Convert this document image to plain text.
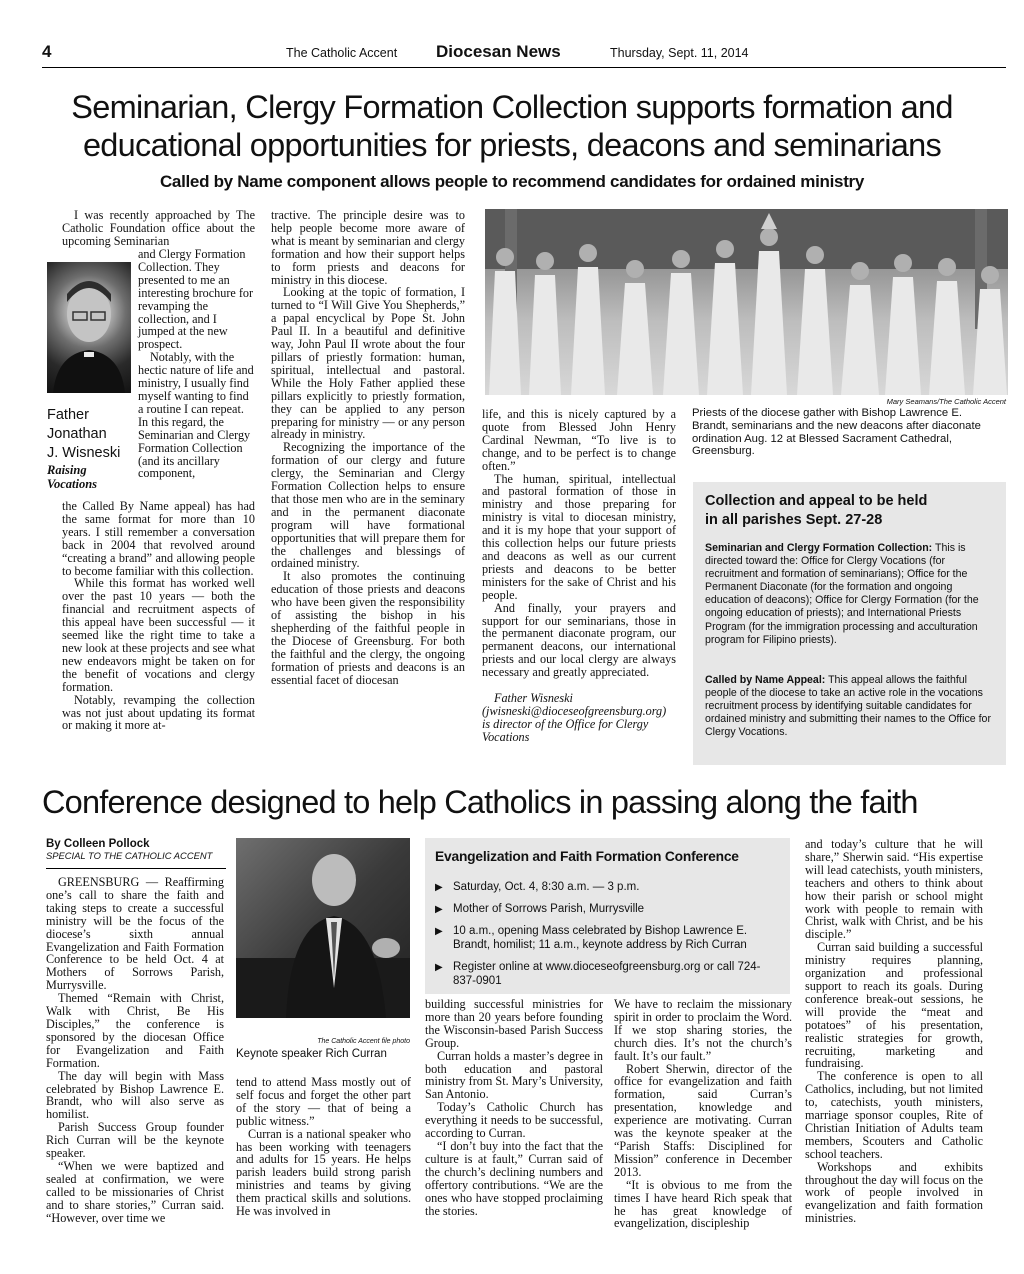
4	The Catholic Accent Diocesan News	Thursday, Sept. 11, 2014
Seminarian, Clergy Formation Collection supports formation and
educational opportunities for priests, deacons and seminarians
Called by Name component allows people to recommend candidates for ordained ministry

I was recently approached by The Catholic Foundation office about the upcoming Seminarian

Father
Jonathan
J. Wisneski
Raising
Vocations

and Clergy Formation Collection. They presented to me an interesting brochure for revamping the collection, and I jumped at the new prospect.

Notably, with the hectic nature of life and ministry, I usually find myself wanting to find a routine I can repeat. In this regard, the Seminarian and Clergy Formation Collection (and its ancillary component,

the Called By Name appeal) has had the same format for more than 10 years. I still remember a conversation back in 2004 that revolved around “creating a brand” and allowing people to become familiar with this collection.

While this format has worked well over the past 10 years — both the financial and recruitment aspects of this appeal have been successful — it seemed like the right time to take a new look at these projects and see what new endeavors might be taken on for the benefit of vocations and clergy formation.

Notably, revamping the collection was not just about updating its format or making it more at-

tractive. The principle desire was to help people become more aware of what is meant by seminarian and clergy formation and how their support helps to form priests and deacons for ministry in this diocese.

Looking at the topic of formation, I turned to “I Will Give You Shepherds,” a papal encyclical by Pope St. John Paul II. In a beautiful and definitive way, John Paul II wrote about the four pillars of priestly formation: human, spiritual, intellectual and pastoral. While the Holy Father applied these pillars explicitly to priestly formation, they can be applied to any person preparing for ministry — or any person already in ministry.

Recognizing the importance of the formation of our clergy and future clergy, the Seminarian and Clergy Formation Collection helps to ensure that those men who are in the seminary and in the permanent diaconate program will have formational opportunities that will prepare them for the challenges and blessings of ordained ministry.

It also promotes the continuing education of those priests and deacons who have been given the responsibility of assisting the bishop in his shepherding of the faithful people in the Diocese of Greensburg. For both the faithful and the clergy, the ongoing formation of priests and deacons is an essential facet of diocesan

Mary Seamans/The Catholic Accent

life, and this is nicely captured by a quote from Blessed John Henry Cardinal Newman, “To live is to change, and to be perfect is to change often.”

The human, spiritual, intellectual and pastoral formation of those in ministry and those preparing for ministry is vital to diocesan ministry, and it is my hope that your support of this collection helps our future priests and deacons as well as our current priests and deacons to be better ministers for the sake of Christ and his people.

And finally, your prayers and support for our seminarians, those in the permanent diaconate program, our permanent deacons, our international priests and our local clergy are always necessary and greatly appreciated.

Father Wisneski (jwisneski@dioceseofgreensburg.org) is director of the Office for Clergy Vocations

Priests of the diocese gather with Bishop Lawrence E. Brandt, seminarians and the new deacons after diaconate ordination Aug. 12 at Blessed Sacrament Cathedral, Greensburg.
Collection and appeal to be held
in all parishes Sept. 27-28
Seminarian and Clergy Formation Collection: This is directed toward the: Office for Clergy Vocations (for recruitment and formation of seminarians); Office for the Permanent Diaconate (for the formation and ongoing education of deacons); Office for Clergy Formation (for the ongoing education of priests); and International Priests Program (for the immigration processing and acculturation program for Filipino priests).
Called by Name Appeal: This appeal allows the faithful people of the diocese to take an active role in the vocations recruitment process by identifying suitable candidates for ordained ministry and submitting their names to the Office for Clergy Vocations.
Conference designed to help Catholics in passing along the faith
By Colleen Pollock
SPECIAL TO THE CATHOLIC ACCENT

GREENSBURG — Reaffirming one’s call to share the faith and taking steps to create a successful ministry will be the focus of the diocese’s sixth annual Evangelization and Faith Formation Conference to be held Oct. 4 at Mothers of Sorrows Parish, Murrysville.

Themed “Remain with Christ, Walk with Christ, Be His Disciples,” the conference is sponsored by the diocesan Office for Evangelization and Faith Formation.

The day will begin with Mass celebrated by Bishop Lawrence E. Brandt, who will also serve as homilist.

Parish Success Group founder Rich Curran will be the keynote speaker.

“When we were baptized and sealed at confirmation, we were called to be missionaries of Christ and to share stories,” Curran said. “However, over time we

The Catholic Accent file photo
Keynote speaker Rich Curran

tend to attend Mass mostly out of self focus and forget the other part of the story — that of being a public witness.”

Curran is a national speaker who has been working with teenagers and adults for 15 years. He helps parish leaders build strong parish ministries and teams by giving them practical skills and solutions. He was involved in

Evangelization and Faith Formation Conference
▶ Saturday, Oct. 4, 8:30 a.m. — 3 p.m.
▶ Mother of Sorrows Parish, Murrysville
▶ 10 a.m., opening Mass celebrated by Bishop Lawrence E. Brandt, homilist; 11 a.m., keynote address by Rich Curran
▶ Register online at www.dioceseofgreensburg.org or call 724-837-0901

building successful ministries for more than 20 years before founding the Wisconsin-based Parish Success Group.

Curran holds a master’s degree in both education and pastoral ministry from St. Mary’s University, San Antonio.

Today’s Catholic Church has everything it needs to be successful, according to Curran.

“I don’t buy into the fact that the culture is at fault,” Curran said of the church’s declining numbers and offertory contributions. “We are the ones who have stopped proclaiming the stories.

We have to reclaim the missionary spirit in order to proclaim the Word. If we stop sharing stories, the church dies. It’s not the church’s fault. It’s our fault.”

Robert Sherwin, director of the office for evangelization and faith formation, said Curran’s presentation, knowledge and experience are motivating. Curran was the keynote speaker at the “Parish Staffs: Disciplined for Mission” conference in December 2013.

“It is obvious to me from the times I have heard Rich speak that he has great knowledge of evangelization, discipleship

and today’s culture that he will share,” Sherwin said. “His expertise will lead catechists, youth ministers, teachers and others to think about how their parish or school might work with people to remain with Christ, walk with Christ, and be his disciple.”

Curran said building a successful ministry requires planning, organization and professional support to reach its goals. During conference break-out sessions, he will provide the “meat and potatoes” of his presentation, realistic strategies for growth, recruiting, marketing and fundraising.

The conference is open to all Catholics, including, but not limited to, catechists, youth ministers, marriage sponsor couples, Rite of Christian Initiation of Adults team members, Scouters and Catholic school teachers.

Workshops and exhibits throughout the day will focus on the work of people involved in evangelization and faith formation ministries.
